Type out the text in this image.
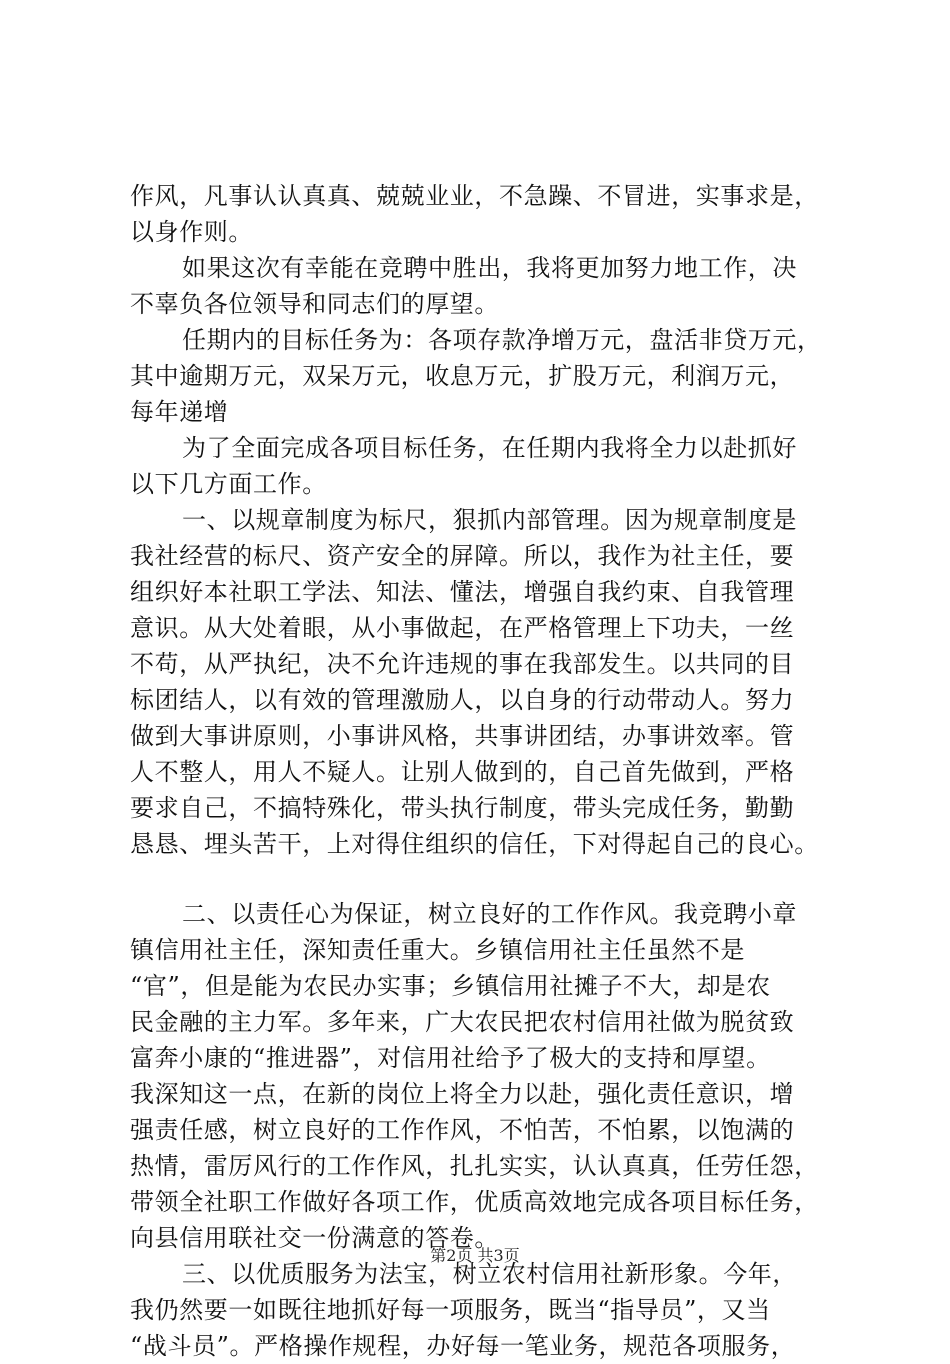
作风，凡事认认真真、兢兢业业，不急躁、不冒进，实事求是，
以身作则。
如果这次有幸能在竞聘中胜出，我将更加努力地工作，决
不辜负各位领导和同志们的厚望。
任期内的目标任务为：各项存款净增万元，盘活非贷万元，
其中逾期万元，双呆万元，收息万元，扩股万元，利润万元，
每年递增
为了全面完成各项目标任务，在任期内我将全力以赴抓好
以下几方面工作。
一、以规章制度为标尺，狠抓内部管理。因为规章制度是
我社经营的标尺、资产安全的屏障。所以，我作为社主任，要
组织好本社职工学法、知法、懂法，增强自我约束、自我管理
意识。从大处着眼，从小事做起，在严格管理上下功夫，一丝
不苟，从严执纪，决不允许违规的事在我部发生。以共同的目
标团结人，以有效的管理激励人，以自身的行动带动人。努力
做到大事讲原则，小事讲风格，共事讲团结，办事讲效率。管
人不整人，用人不疑人。让别人做到的，自己首先做到，严格
要求自己，不搞特殊化，带头执行制度，带头完成任务，勤勤
恳恳、埋头苦干，上对得住组织的信任，下对得起自己的良心。
二、以责任心为保证，树立良好的工作作风。我竞聘小章
镇信用社主任，深知责任重大。乡镇信用社主任虽然不是
“官”，但是能为农民办实事；乡镇信用社摊子不大，却是农
民金融的主力军。多年来，广大农民把农村信用社做为脱贫致
富奔小康的“推进器”，对信用社给予了极大的支持和厚望。
我深知这一点，在新的岗位上将全力以赴，强化责任意识，增
强责任感，树立良好的工作作风，不怕苦，不怕累，以饱满的
热情，雷厉风行的工作作风，扎扎实实，认认真真，任劳任怨，
带领全社职工作做好各项工作，优质高效地完成各项目标任务，
向县信用联社交一份满意的答卷。
三、以优质服务为法宝，树立农村信用社新形象。今年，
我仍然要一如既往地抓好每一项服务，既当“指导员”，又当
“战斗员”。严格操作规程，办好每一笔业务，规范各项服务，
第2页 共3页
